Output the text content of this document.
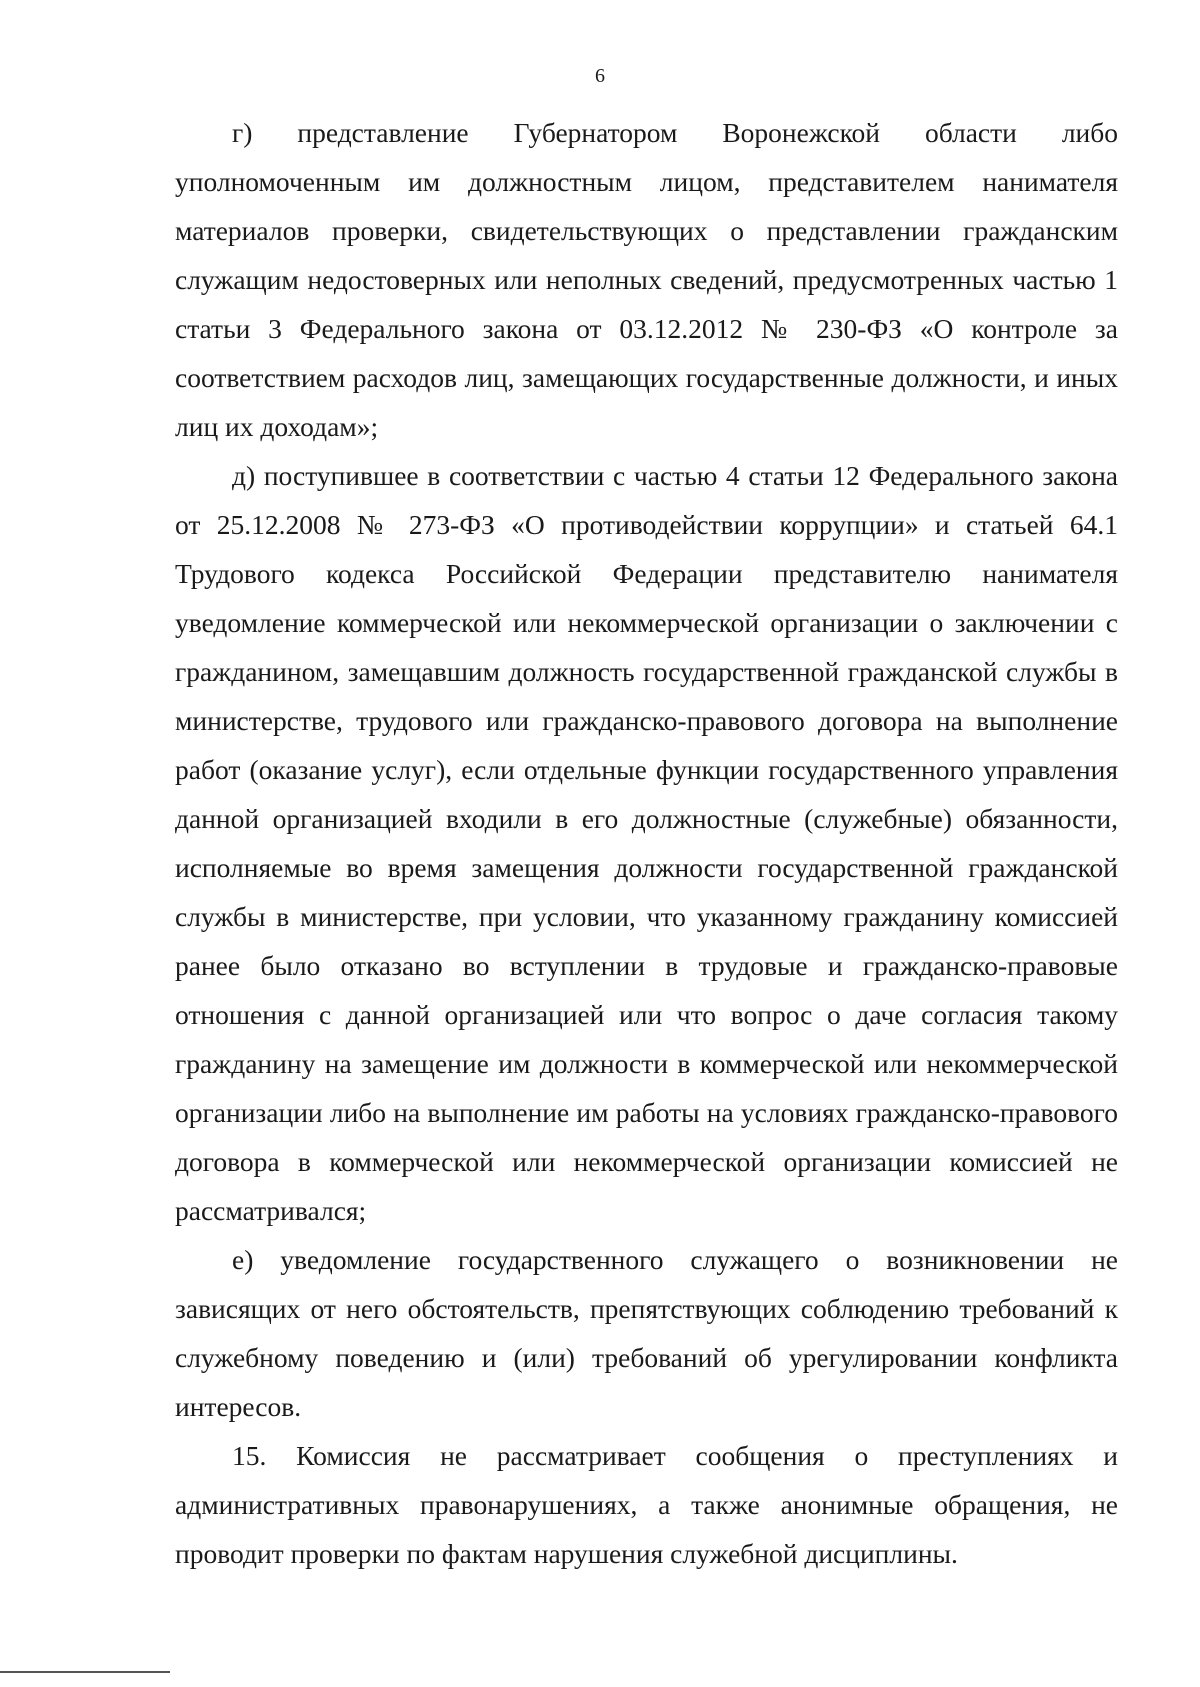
6

г) представление Губернатором Воронежской области либо уполномоченным им должностным лицом, представителем нанимателя материалов проверки, свидетельствующих о представлении гражданским служащим недостоверных или неполных сведений, предусмотренных частью 1 статьи 3 Федерального закона от 03.12.2012 № 230-ФЗ «О контроле за соответствием расходов лиц, замещающих государственные должности, и иных лиц их доходам»;

д) поступившее в соответствии с частью 4 статьи 12 Федерального закона от 25.12.2008 № 273-ФЗ «О противодействии коррупции» и статьей 64.1 Трудового кодекса Российской Федерации представителю нанимателя уведомление коммерческой или некоммерческой организации о заключении с гражданином, замещавшим должность государственной гражданской службы в министерстве, трудового или гражданско-правового договора на выполнение работ (оказание услуг), если отдельные функции государственного управления данной организацией входили в его должностные (служебные) обязанности, исполняемые во время замещения должности государственной гражданской службы в министерстве, при условии, что указанному гражданину комиссией ранее было отказано во вступлении в трудовые и гражданско-правовые отношения с данной организацией или что вопрос о даче согласия такому гражданину на замещение им должности в коммерческой или некоммерческой организации либо на выполнение им работы на условиях гражданско-правового договора в коммерческой или некоммерческой организации комиссией не рассматривался;

е) уведомление государственного служащего о возникновении не зависящих от него обстоятельств, препятствующих соблюдению требований к служебному поведению и (или) требований об урегулировании конфликта интересов.

15. Комиссия не рассматривает сообщения о преступлениях и административных правонарушениях, а также анонимные обращения, не проводит проверки по фактам нарушения служебной дисциплины.
